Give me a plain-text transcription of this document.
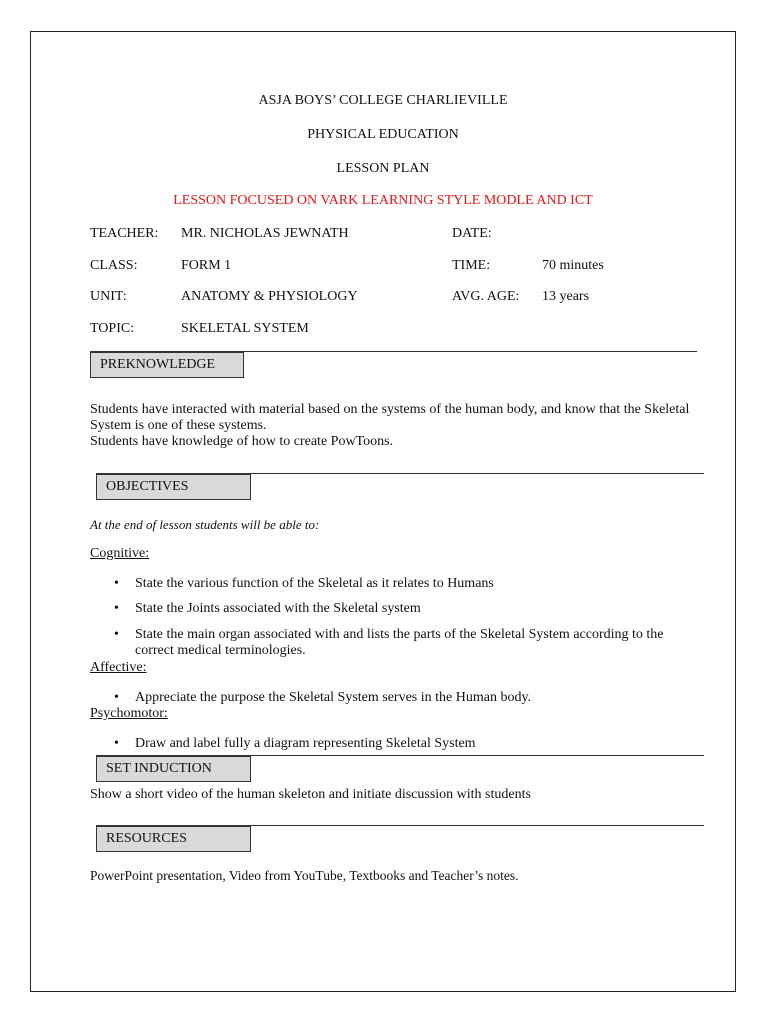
ASJA BOYS’ COLLEGE CHARLIEVILLE
PHYSICAL EDUCATION
LESSON PLAN
LESSON FOCUSED ON VARK LEARNING STYLE MODLE AND ICT
TEACHER: MR. NICHOLAS JEWNATH	DATE:
CLASS:	FORM 1	TIME:	70 minutes
UNIT:	ANATOMY & PHYSIOLOGY	AVG. AGE: 13 years
TOPIC:	SKELETAL SYSTEM
PREKNOWLEDGE
Students have interacted with material based on the systems of the human body, and know that the Skeletal
System is one of these systems.
Students have knowledge of how to create PowToons.
OBJECTIVES
At the end of lesson students will be able to:
Cognitive:
• State the various function of the Skeletal as it relates to Humans
• State the Joints associated with the Skeletal system
• State the main organ associated with and lists the parts of the Skeletal System according to the
correct medical terminologies.
Affective:
• Appreciate the purpose the Skeletal System serves in the Human body.
Psychomotor:
• Draw and label fully a diagram representing Skeletal System
SET INDUCTION
Show a short video of the human skeleton and initiate discussion with students
RESOURCES
PowerPoint presentation, Video from YouTube, Textbooks and Teacher’s notes.
